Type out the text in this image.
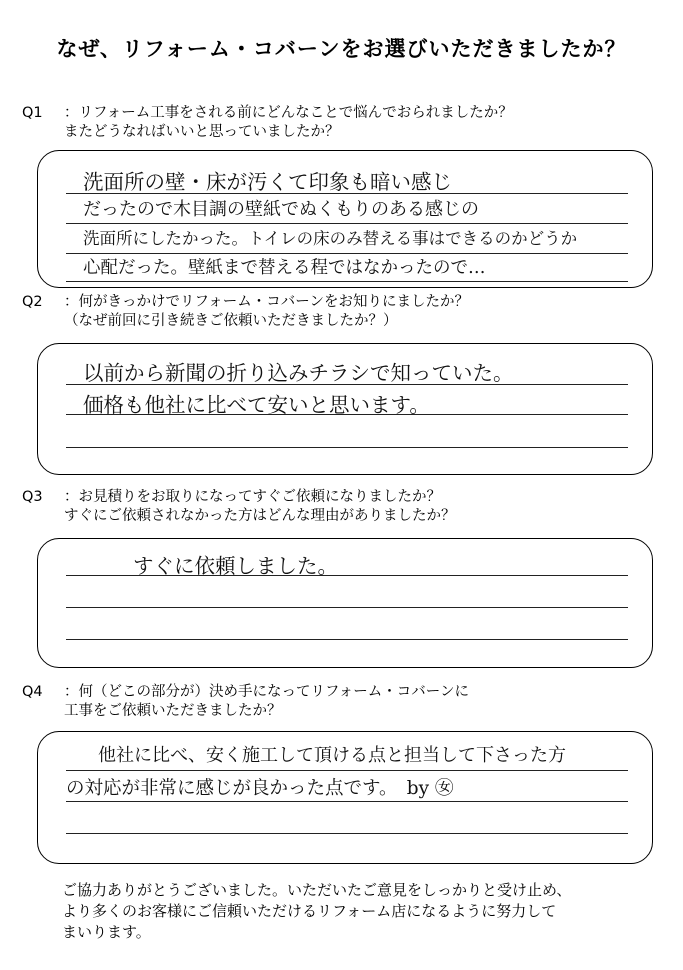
なぜ、リフォーム・コバーンをお選びいただきましたか？
Q1 ：リフォーム工事をされる前にどんなことで悩んでおられましたか？
またどうなればいいと思っていましたか？
洗面所の壁・床が汚くて印象も暗い感じ
だったので木目調の壁紙でぬくもりのある感じの
洗面所にしたかった。トイレの床のみ替える事はできるのかどうか
心配だった。壁紙まで替える程ではなかったので…
Q2 ：何がきっかけでリフォーム・コバーンをお知りにましたか？
（なぜ前回に引き続きご依頼いただきましたか？）
以前から新聞の折り込みチラシで知っていた。
価格も他社に比べて安いと思います。
Q3 ：お見積りをお取りになってすぐご依頼になりましたか？
すぐにご依頼されなかった方はどんな理由がありましたか？
すぐに依頼しました。
Q4 ：何（どこの部分が）決め手になってリフォーム・コバーンに
工事をご依頼いただきましたか？
他社に比べ、安く施工して頂ける点と担当して下さった方
の対応が非常に感じが良かった点です。　by ㊛
ご協力ありがとうございました。いただいたご意見をしっかりと受け止め、
より多くのお客様にご信頼いただけるリフォーム店になるように努力して
まいります。
